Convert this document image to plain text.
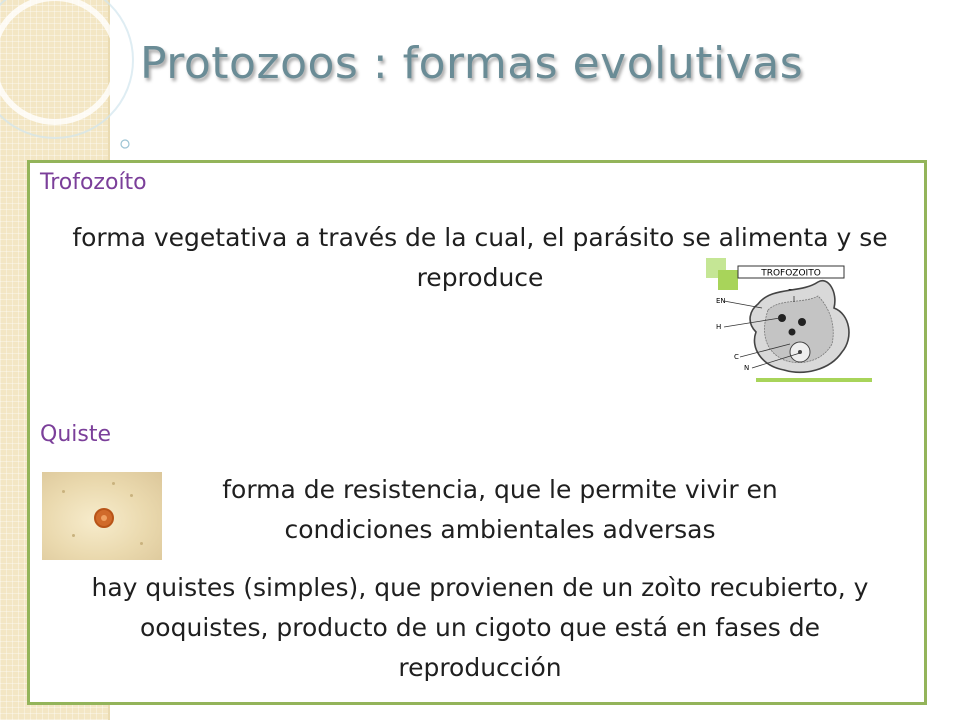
Protozoos : formas evolutivas
Trofozoíto
forma vegetativa a través de la cual, el parásito se alimenta y se reproduce	TROFOZOITO
EN
H
C
N
Quiste
forma de resistencia, que le permite vivir en condiciones ambientales adversas
hay quistes (simples), que provienen de un zoìto recubierto, y ooquistes, producto de un cigoto que está en fases de reproducción
